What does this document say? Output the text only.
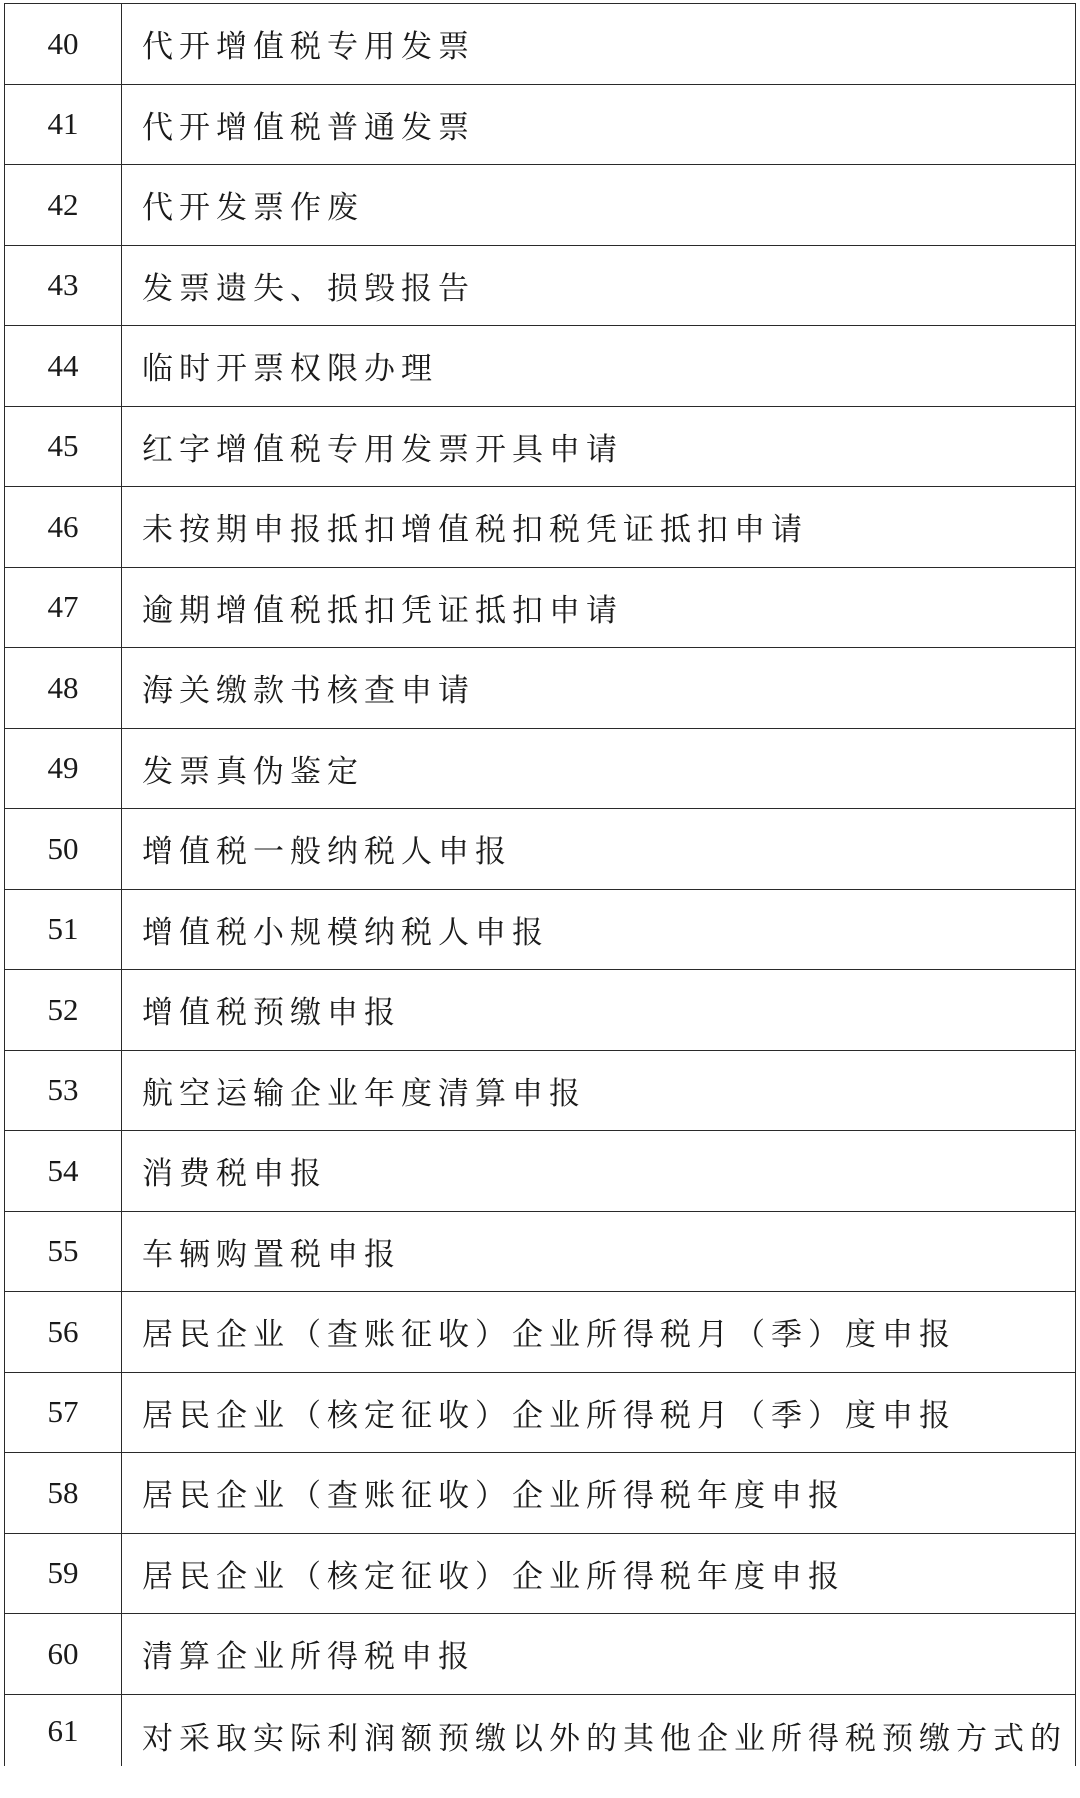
40	代开增值税专用发票
41	代开增值税普通发票
42	代开发票作废
43	发票遗失、损毁报告
44	临时开票权限办理
45	红字增值税专用发票开具申请
46	未按期申报抵扣增值税扣税凭证抵扣申请
47	逾期增值税抵扣凭证抵扣申请
48	海关缴款书核查申请
49	发票真伪鉴定
50	增值税一般纳税人申报
51	增值税小规模纳税人申报
52	增值税预缴申报
53	航空运输企业年度清算申报
54	消费税申报
55	车辆购置税申报
56	居民企业（查账征收）企业所得税月（季）度申报
57	居民企业（核定征收）企业所得税月（季）度申报
58	居民企业（查账征收）企业所得税年度申报
59	居民企业（核定征收）企业所得税年度申报
60	清算企业所得税申报
61	对采取实际利润额预缴以外的其他企业所得税预缴方式的
